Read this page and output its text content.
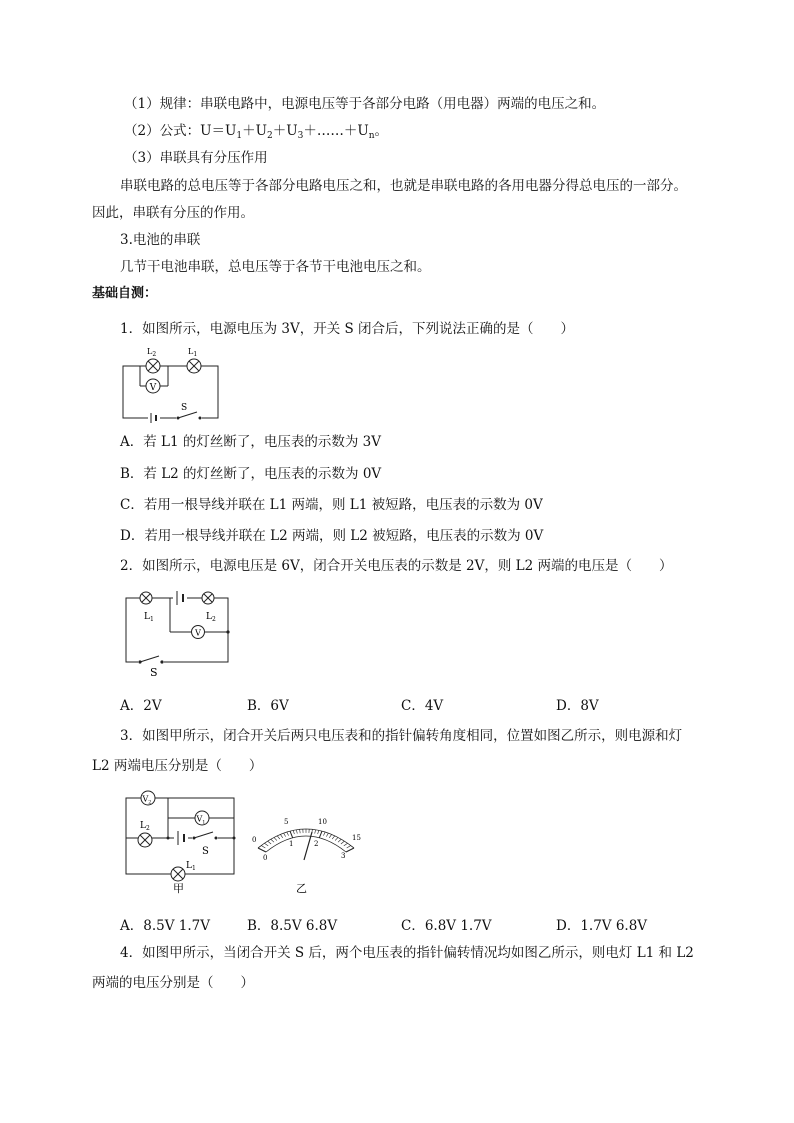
（1）规律：串联电路中，电源电压等于各部分电路（用电器）两端的电压之和。
（2）公式：$U=U_1+U_2+U_3+\dots\dots+U_n$。
（3）串联具有分压作用
串联电路的总电压等于各部分电路电压之和，也就是串联电路的各用电器分得总电压的一部分。
因此，串联有分压的作用。
3.电池的串联
几节干电池串联，总电压等于各节干电池电压之和。
基础自测：
1．如图所示，电源电压为 3V，开关 S 闭合后，下列说法正确的是（　　）
V
$L_2$	$L_1$
S
A．若 L1 的灯丝断了，电压表的示数为 3V
B．若 L2 的灯丝断了，电压表的示数为 0V
C．若用一根导线并联在 L1 两端，则 L1 被短路，电压表的示数为 0V
D．若用一根导线并联在 L2 两端，则 L2 被短路，电压表的示数为 0V
2．如图所示，电源电压是 6V，闭合开关电压表的示数是 2V，则 L2 两端的电压是（　　）
V
$L_1$	$L_2$
S
A．2V	B．6V	C．4V	D．8V
3．如图甲所示，闭合开关后两只电压表和的指针偏转角度相同，位置如图乙所示，则电源和灯
L2 两端电压分别是（　　）
$V_2$
$V_1$
$L_2$
S
$L_1$
甲
0
5	10
15
0
1	2
3
乙
A．8.5V 1.7V	B．8.5V 6.8V	C．6.8V 1.7V	D．1.7V 6.8V
4．如图甲所示，当闭合开关 S 后，两个电压表的指针偏转情况均如图乙所示，则电灯 L1 和 L2
两端的电压分别是（　　）
